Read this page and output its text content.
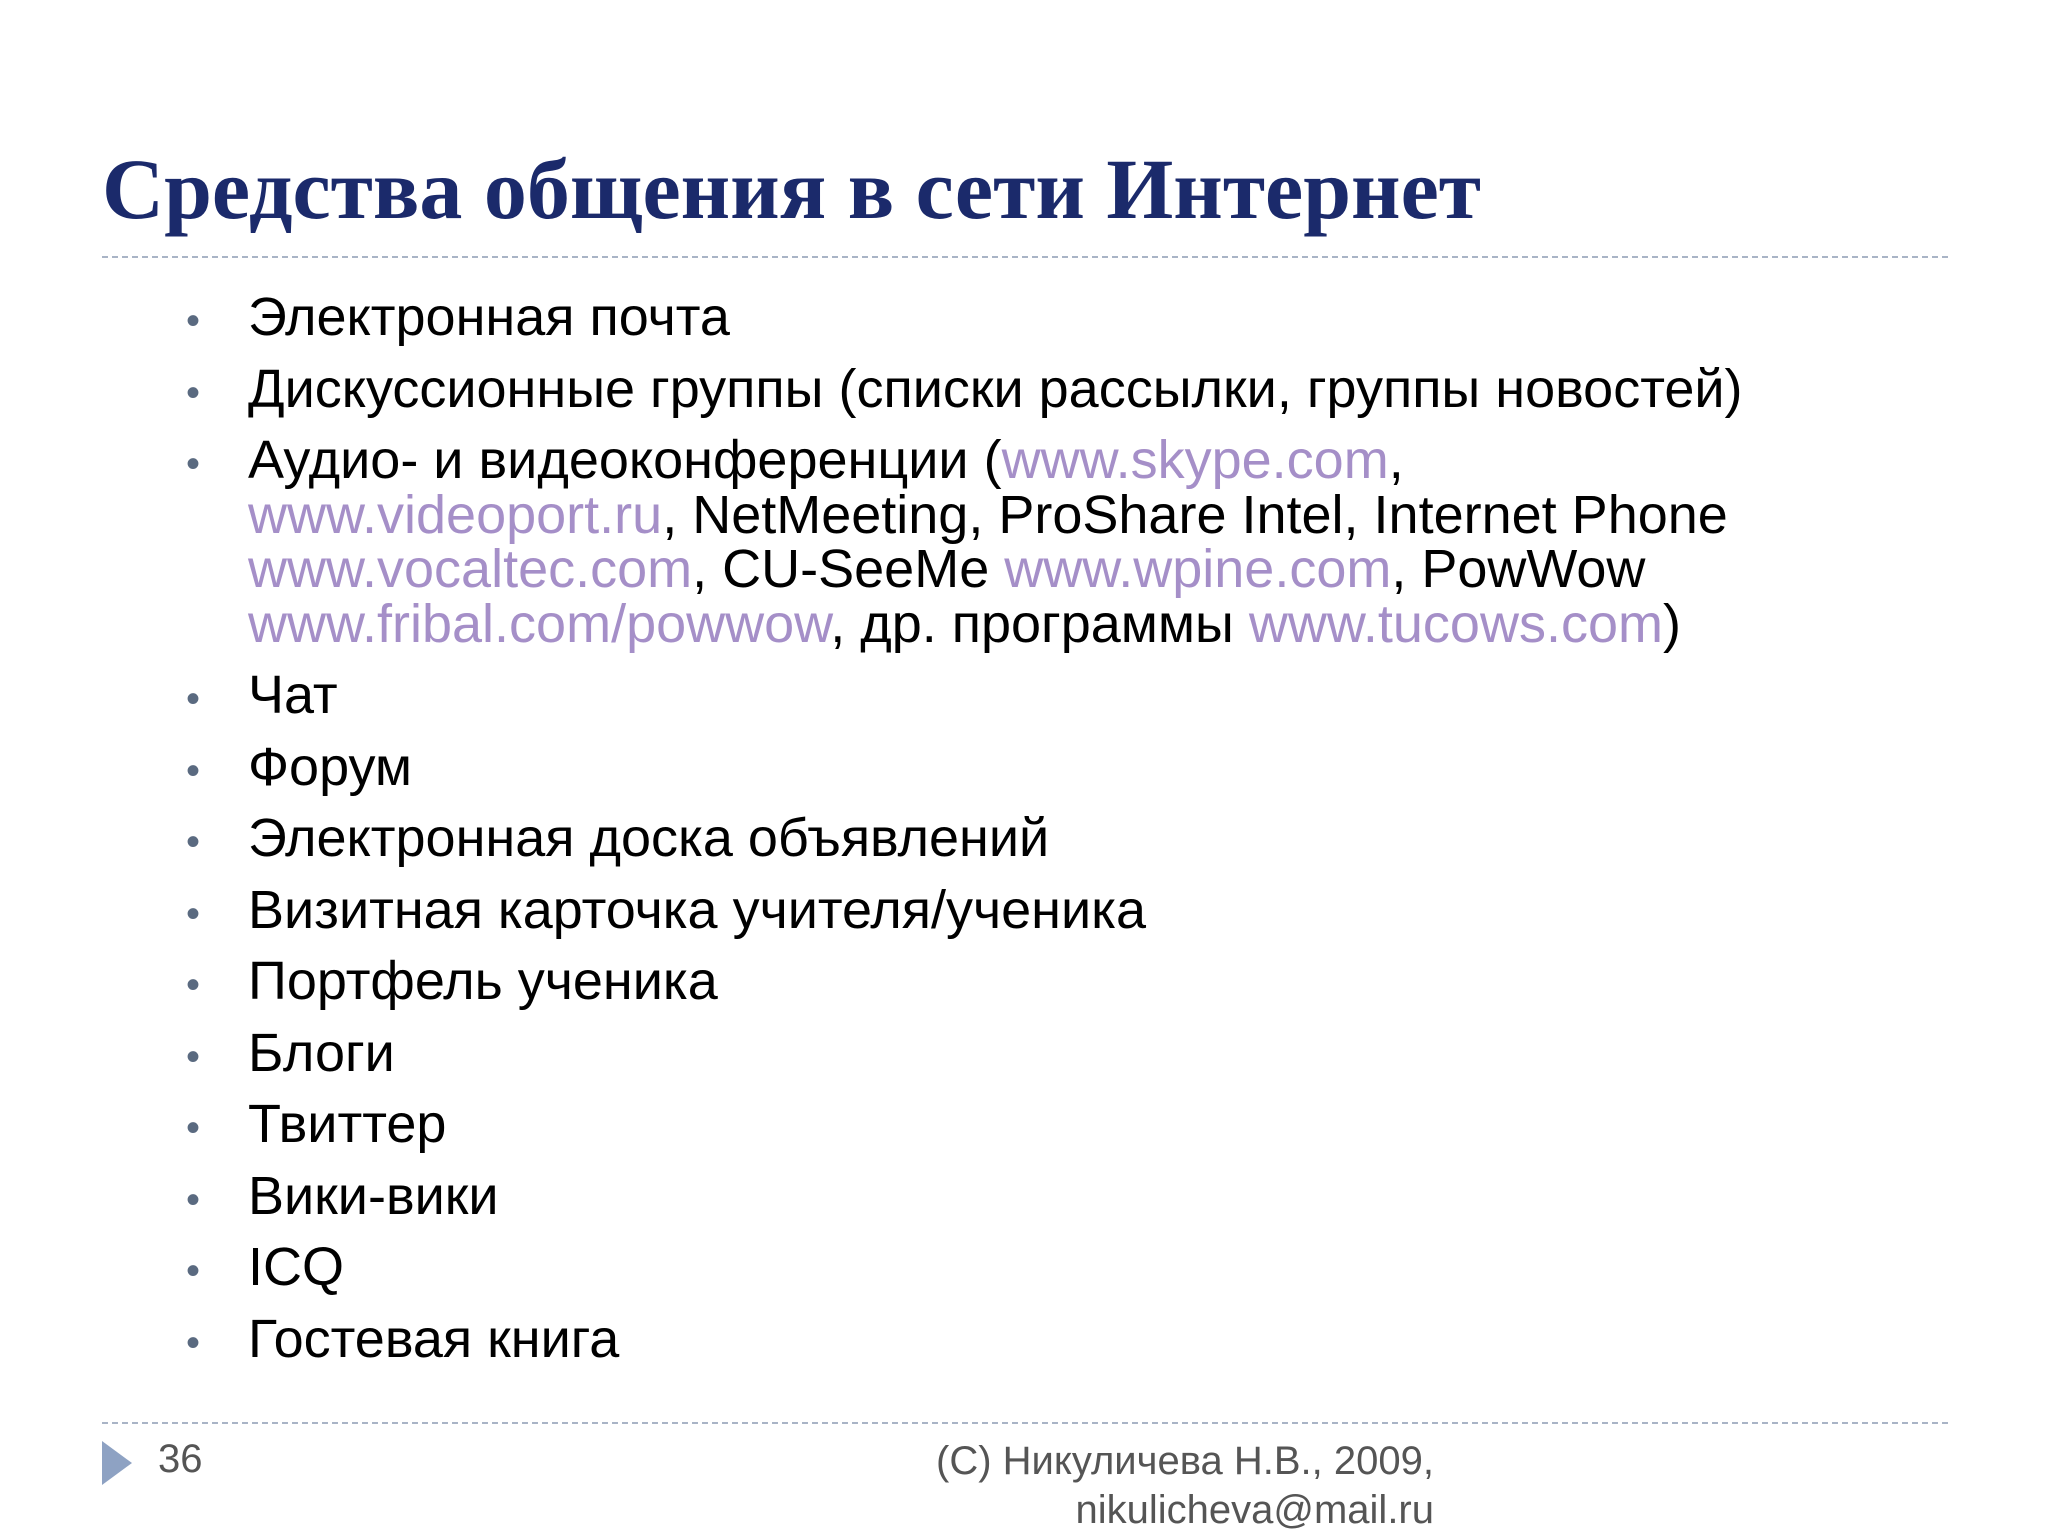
Средства общения в сети Интернет
• Электронная почта
• Дискуссионные группы (списки рассылки, группы новостей)
• Аудио- и видеоконференции (www.skype.com,
www.videoport.ru, NetMeeting, ProShare Intel, Internet Phone
www.vocaltec.com, CU-SeeMe www.wpine.com, PowWow
www.fribal.com/powwow, др. программы www.tucows.com)
• Чат
• Форум
• Электронная доска объявлений
• Визитная карточка учителя/ученика
• Портфель ученика
• Блоги
• Твиттер
• Вики-вики
• ICQ
• Гостевая книга
36	(C) Никуличева Н.В., 2009,
nikulicheva@mail.ru
